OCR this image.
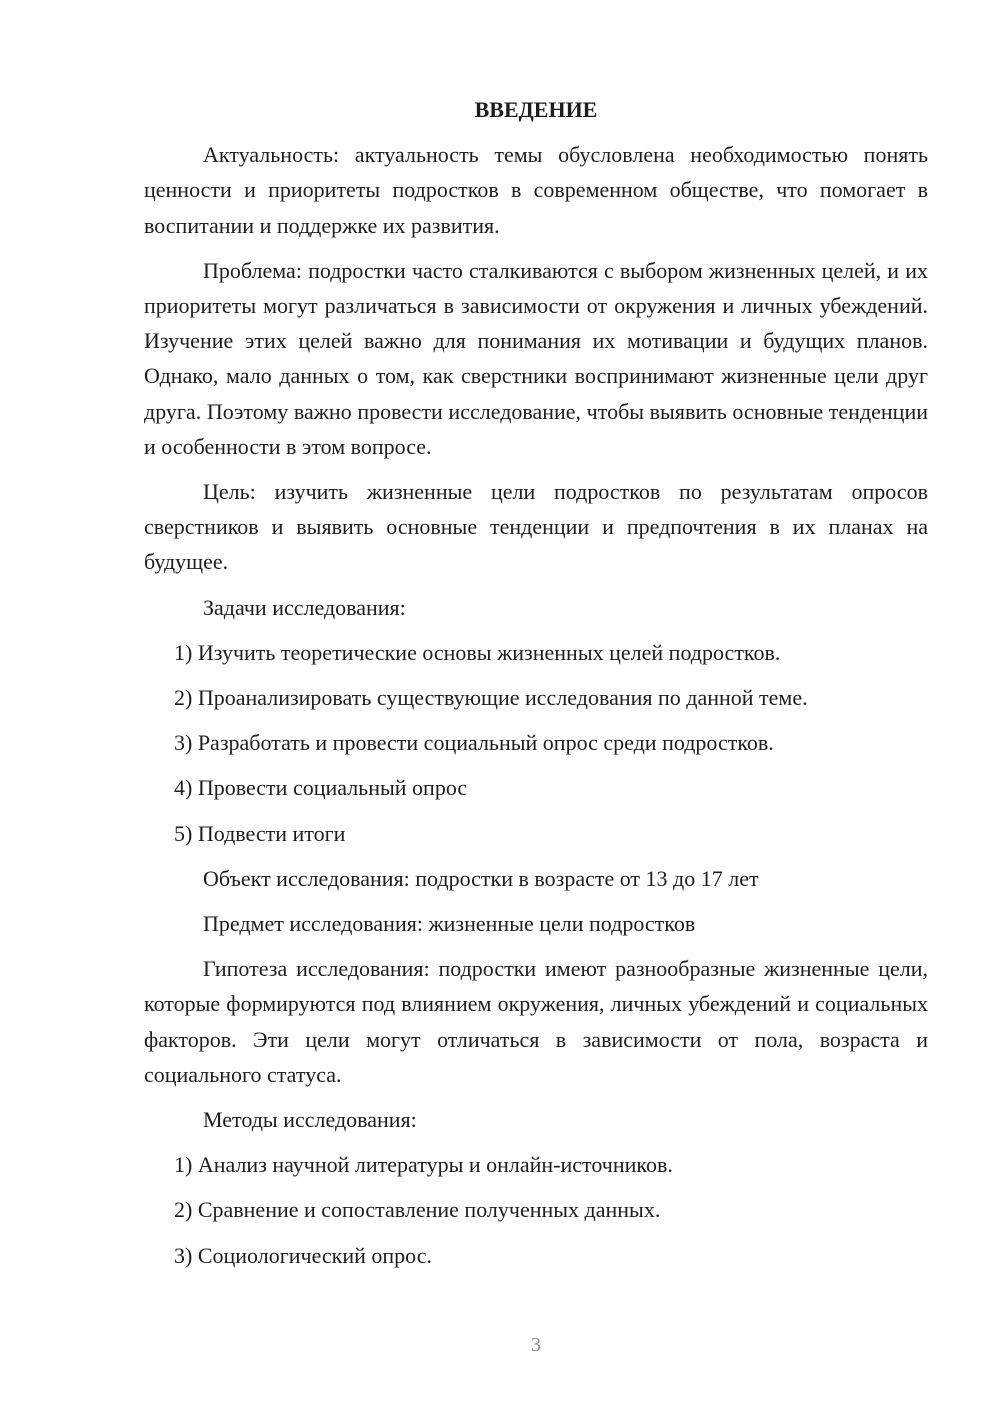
ВВЕДЕНИЕ

Актуальность: актуальность темы обусловлена необходимостью понять ценности и приоритеты подростков в современном обществе, что помогает в воспитании и поддержке их развития.

Проблема: подростки часто сталкиваются с выбором жизненных целей, и их приоритеты могут различаться в зависимости от окружения и личных убеждений. Изучение этих целей важно для понимания их мотивации и будущих планов. Однако, мало данных о том, как сверстники воспринимают жизненные цели друг друга. Поэтому важно провести исследование, чтобы выявить основные тенденции и особенности в этом вопросе.

Цель: изучить жизненные цели подростков по результатам опросов сверстников и выявить основные тенденции и предпочтения в их планах на будущее.

Задачи исследования:

1) Изучить теоретические основы жизненных целей подростков.
2) Проанализировать существующие исследования по данной теме.
3) Разработать и провести социальный опрос среди подростков.
4) Провести социальный опрос
5) Подвести итоги

Объект исследования: подростки в возрасте от 13 до 17 лет

Предмет исследования: жизненные цели подростков

Гипотеза исследования: подростки имеют разнообразные жизненные цели, которые формируются под влиянием окружения, личных убеждений и социальных факторов. Эти цели могут отличаться в зависимости от пола, возраста и социального статуса.

Методы исследования:

1) Анализ научной литературы и онлайн-источников.
2) Сравнение и сопоставление полученных данных.
3) Социологический опрос.
3
